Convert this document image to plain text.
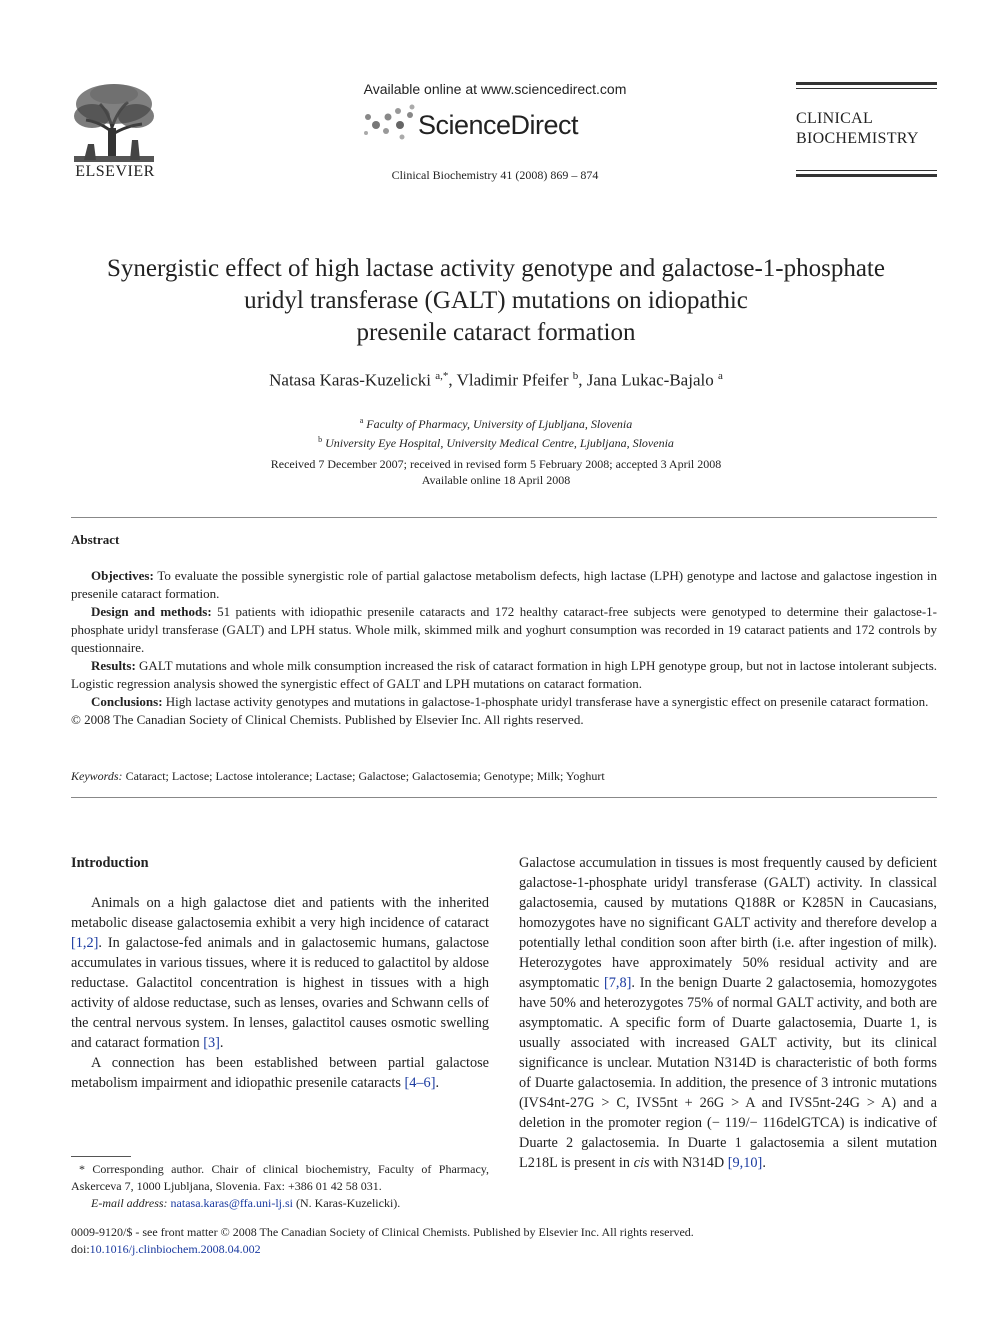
ELSEVIER
Available online at www.sciencedirect.com
ScienceDirect
Clinical Biochemistry 41 (2008) 869 – 874
CLINICAL
BIOCHEMISTRY
Synergistic effect of high lactase activity genotype and galactose-1-phosphate
uridyl transferase (GALT) mutations on idiopathic
presenile cataract formation
Natasa Karas-Kuzelicki $^{a,*}$, Vladimir Pfeifer $^b$, Jana Lukac-Bajalo $^a$
$^a$ Faculty of Pharmacy, University of Ljubljana, Slovenia
$^b$ University Eye Hospital, University Medical Centre, Ljubljana, Slovenia
Received 7 December 2007; received in revised form 5 February 2008; accepted 3 April 2008
Available online 18 April 2008
Abstract

Objectives: To evaluate the possible synergistic role of partial galactose metabolism defects, high lactase (LPH) genotype and lactose and galactose ingestion in presenile cataract formation.

Design and methods: 51 patients with idiopathic presenile cataracts and 172 healthy cataract-free subjects were genotyped to determine their galactose-1-phosphate uridyl transferase (GALT) and LPH status. Whole milk, skimmed milk and yoghurt consumption was recorded in 19 cataract patients and 172 controls by questionnaire.

Results: GALT mutations and whole milk consumption increased the risk of cataract formation in high LPH genotype group, but not in lactose intolerant subjects. Logistic regression analysis showed the synergistic effect of GALT and LPH mutations on cataract formation.

Conclusions: High lactase activity genotypes and mutations in galactose-1-phosphate uridyl transferase have a synergistic effect on presenile cataract formation.

© 2008 The Canadian Society of Clinical Chemists. Published by Elsevier Inc. All rights reserved.

Keywords: Cataract; Lactose; Lactose intolerance; Lactase; Galactose; Galactosemia; Genotype; Milk; Yoghurt
Introduction

Animals on a high galactose diet and patients with the inherited metabolic disease galactosemia exhibit a very high incidence of cataract [1,2]. In galactose-fed animals and in galactosemic humans, galactose accumulates in various tissues, where it is reduced to galactitol by aldose reductase. Galactitol concentration is highest in tissues with a high activity of aldose reductase, such as lenses, ovaries and Schwann cells of the central nervous system. In lenses, galactitol causes osmotic swelling and cataract formation [3].

A connection has been established between partial galactose metabolism impairment and idiopathic presenile cataracts [4–6].

Galactose accumulation in tissues is most frequently caused by deficient galactose-1-phosphate uridyl transferase (GALT) activity. In classical galactosemia, caused by mutations Q188R or K285N in Caucasians, homozygotes have no significant GALT activity and therefore develop a potentially lethal condition soon after birth (i.e. after ingestion of milk). Heterozygotes have approximately 50% residual activity and are asymptomatic [7,8]. In the benign Duarte 2 galactosemia, homozygotes have 50% and heterozygotes 75% of normal GALT activity, and both are asymptomatic. A specific form of Duarte galactosemia, Duarte 1, is usually associated with increased GALT activity, but its clinical significance is unclear. Mutation N314D is characteristic of both forms of Duarte galactosemia. In addition, the presence of 3 intronic mutations (IVS4nt-27G > C, IVS5nt + 26G > A and IVS5nt-24G > A) and a deletion in the promoter region (− 119/− 116delGTCA) is indicative of Duarte 2 galactosemia. In Duarte 1 galactosemia a silent mutation L218L is present in cis with N314D [9,10].

* Corresponding author. Chair of clinical biochemistry, Faculty of Pharmacy, Askerceva 7, 1000 Ljubljana, Slovenia. Fax: +386 01 42 58 031.

E-mail address: natasa.karas@ffa.uni-lj.si (N. Karas-Kuzelicki).

0009-9120/$ - see front matter © 2008 The Canadian Society of Clinical Chemists. Published by Elsevier Inc. All rights reserved.

doi:10.1016/j.clinbiochem.2008.04.002
